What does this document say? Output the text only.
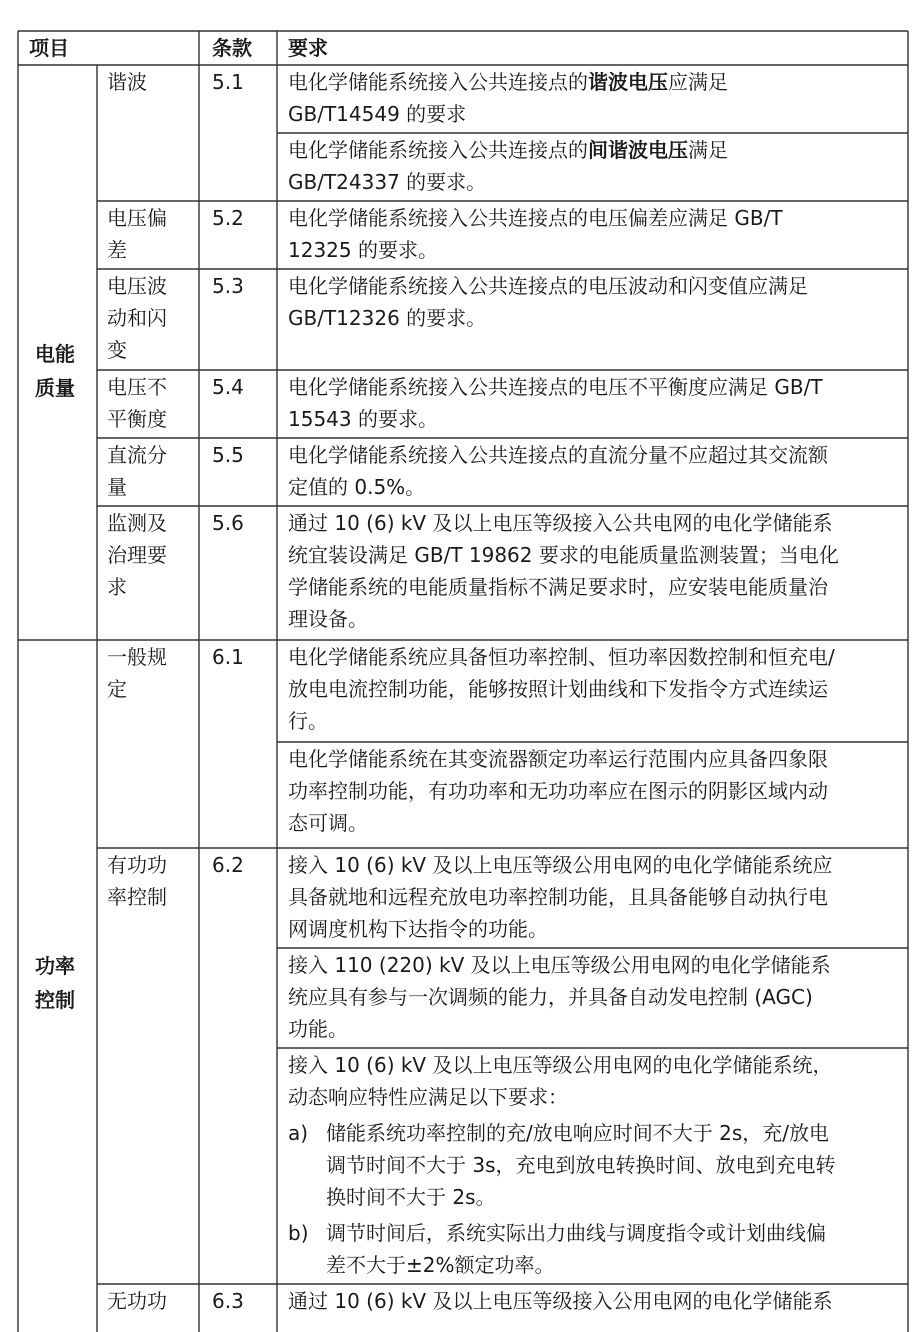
项目	条款 要求
电能
质量
功率
控制
谐波	5.1 电化学储能系统接入公共连接点的谐波电压应满足
GB/T14549 的要求
电化学储能系统接入公共连接点的间谐波电压满足
GB/T24337 的要求。
电压偏
差
5.2 电化学储能系统接入公共连接点的电压偏差应满足 GB/T
12325 的要求。
电压波
动和闪
变
5.3 电化学储能系统接入公共连接点的电压波动和闪变值应满足
GB/T12326 的要求。
电压不
平衡度
5.4 电化学储能系统接入公共连接点的电压不平衡度应满足 GB/T
15543 的要求。
直流分
量
5.5 电化学储能系统接入公共连接点的直流分量不应超过其交流额
定值的 0.5%。
监测及
治理要
求
5.6 通过 10 (6) kV 及以上电压等级接入公共电网的电化学储能系
统宜装设满足 GB/T 19862 要求的电能质量监测装置；当电化
学储能系统的电能质量指标不满足要求时，应安装电能质量治
理设备。
一般规
定
6.1 电化学储能系统应具备恒功率控制、恒功率因数控制和恒充电/
放电电流控制功能，能够按照计划曲线和下发指令方式连续运
行。
电化学储能系统在其变流器额定功率运行范围内应具备四象限
功率控制功能，有功功率和无功功率应在图示的阴影区域内动
态可调。
有功功
率控制
6.2 接入 10 (6) kV 及以上电压等级公用电网的电化学储能系统应
具备就地和远程充放电功率控制功能，且具备能够自动执行电
网调度机构下达指令的功能。
接入 110 (220) kV 及以上电压等级公用电网的电化学储能系
统应具有参与一次调频的能力，并具备自动发电控制 (AGC)
功能。
接入 10 (6) kV 及以上电压等级公用电网的电化学储能系统，
动态响应特性应满足以下要求：
a) 储能系统功率控制的充/放电响应时间不大于 2s，充/放电
调节时间不大于 3s，充电到放电转换时间、放电到充电转
换时间不大于 2s。
b) 调节时间后，系统实际出力曲线与调度指令或计划曲线偏
差不大于±2%额定功率。
无功功 6.3 通过 10 (6) kV 及以上电压等级接入公用电网的电化学储能系
